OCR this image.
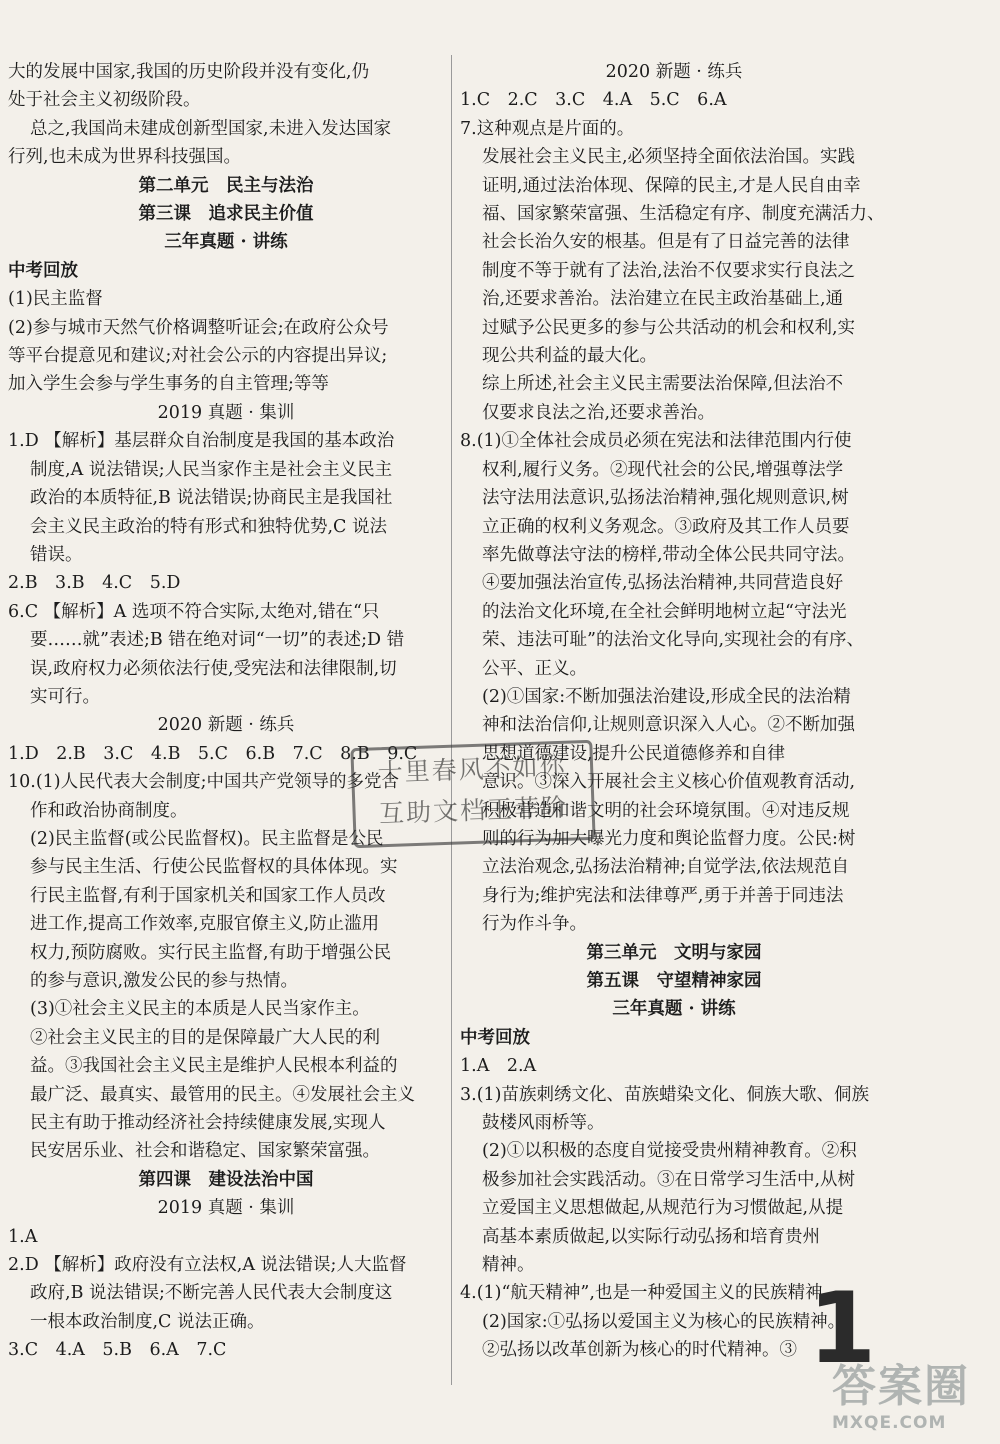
大的发展中国家,我国的历史阶段并没有变化,仍

处于社会主义初级阶段。

总之,我国尚未建成创新型国家,未进入发达国家

行列,也未成为世界科技强国。

第二单元　民主与法治

第三课　追求民主价值

三年真题 · 讲练

中考回放

(1)民主监督

(2)参与城市天然气价格调整听证会;在政府公众号

等平台提意见和建议;对社会公示的内容提出异议;

加入学生会参与学生事务的自主管理;等等

2019 真题 · 集训

1.D 【解析】基层群众自治制度是我国的基本政治

制度,A 说法错误;人民当家作主是社会主义民主

政治的本质特征,B 说法错误;协商民主是我国社

会主义民主政治的特有形式和独特优势,C 说法

错误。

2.B　3.B　4.C　5.D

6.C 【解析】A 选项不符合实际,太绝对,错在“只

要……就”表述;B 错在绝对词“一切”的表述;D 错

误,政府权力必须依法行使,受宪法和法律限制,切

实可行。

2020 新题 · 练兵

1.D　2.B　3.C　4.B　5.C　6.B　7.C　8.B　9.C

10.(1)人民代表大会制度;中国共产党领导的多党合

作和政治协商制度。

(2)民主监督(或公民监督权)。民主监督是公民

参与民主生活、行使公民监督权的具体体现。实

行民主监督,有利于国家机关和国家工作人员改

进工作,提高工作效率,克服官僚主义,防止滥用

权力,预防腐败。实行民主监督,有助于增强公民

的参与意识,激发公民的参与热情。

(3)①社会主义民主的本质是人民当家作主。

②社会主义民主的目的是保障最广大人民的利

益。③我国社会主义民主是维护人民根本利益的

最广泛、最真实、最管用的民主。④发展社会主义

民主有助于推动经济社会持续健康发展,实现人

民安居乐业、社会和谐稳定、国家繁荣富强。

第四课　建设法治中国

2019 真题 · 集训

1.A

2.D 【解析】政府没有立法权,A 说法错误;人大监督

政府,B 说法错误;不断完善人民代表大会制度这

一根本政治制度,C 说法正确。

3.C　4.A　5.B　6.A　7.C

2020 新题 · 练兵

1.C　2.C　3.C　4.A　5.C　6.A

7.这种观点是片面的。

发展社会主义民主,必须坚持全面依法治国。实践

证明,通过法治体现、保障的民主,才是人民自由幸

福、国家繁荣富强、生活稳定有序、制度充满活力、

社会长治久安的根基。但是有了日益完善的法律

制度不等于就有了法治,法治不仅要求实行良法之

治,还要求善治。法治建立在民主政治基础上,通

过赋予公民更多的参与公共活动的机会和权利,实

现公共利益的最大化。

综上所述,社会主义民主需要法治保障,但法治不

仅要求良法之治,还要求善治。

8.(1)①全体社会成员必须在宪法和法律范围内行使

权利,履行义务。②现代社会的公民,增强尊法学

法守法用法意识,弘扬法治精神,强化规则意识,树

立正确的权利义务观念。③政府及其工作人员要

率先做尊法守法的榜样,带动全体公民共同守法。

④要加强法治宣传,弘扬法治精神,共同营造良好

的法治文化环境,在全社会鲜明地树立起“守法光

荣、违法可耻”的法治文化导向,实现社会的有序、

公平、正义。

(2)①国家:不断加强法治建设,形成全民的法治精

神和法治信仰,让规则意识深入人心。②不断加强

思想道德建设,提升公民道德修养和自律

意识。③深入开展社会主义核心价值观教育活动,

积极营造和谐文明的社会环境氛围。④对违反规

则的行为加大曝光力度和舆论监督力度。公民:树

立法治观念,弘扬法治精神;自觉学法,依法规范自

身行为;维护宪法和法律尊严,勇于并善于同违法

行为作斗争。

第三单元　文明与家园

第五课　守望精神家园

三年真题 · 讲练

中考回放

1.A　2.A

3.(1)苗族刺绣文化、苗族蜡染文化、侗族大歌、侗族

鼓楼风雨桥等。

(2)①以积极的态度自觉接受贵州精神教育。②积

极参加社会实践活动。③在日常学习生活中,从树

立爱国主义思想做起,从规范行为习惯做起,从提

高基本素质做起,以实际行动弘扬和培育贵州

精神。

4.(1)“航天精神”,也是一种爱国主义的民族精神。

(2)国家:①弘扬以爱国主义为核心的民族精神。

②弘扬以改革创新为核心的时代精神。③

十里春风不如你
互助文档王菲阶
1
答案圈
MXQE.COM
